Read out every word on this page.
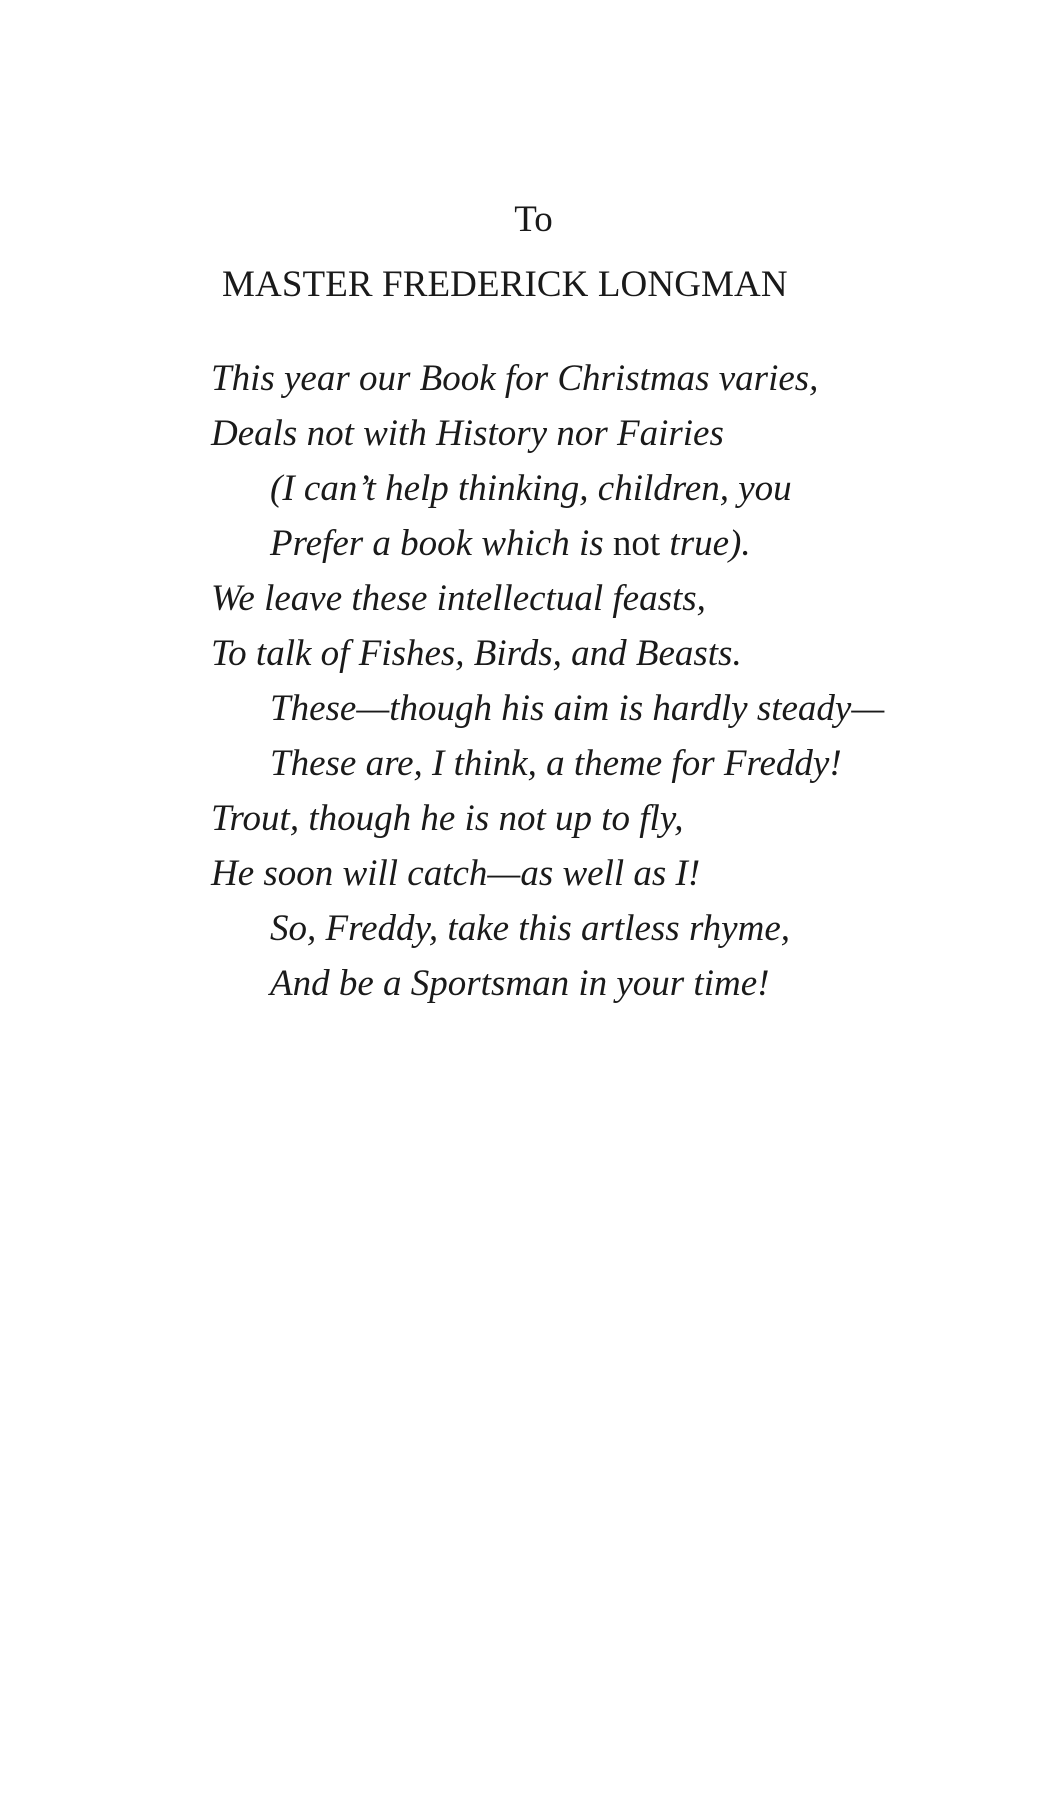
To
MASTER FREDERICK LONGMAN
This year our Book for Christmas varies,
Deals not with History nor Fairies
(I can’t help thinking, children, you
Prefer a book which is not true).
We leave these intellectual feasts,
To talk of Fishes, Birds, and Beasts.
These—though his aim is hardly steady—
These are, I think, a theme for Freddy!
Trout, though he is not up to fly,
He soon will catch—as well as I!
So, Freddy, take this artless rhyme,
And be a Sportsman in your time!
